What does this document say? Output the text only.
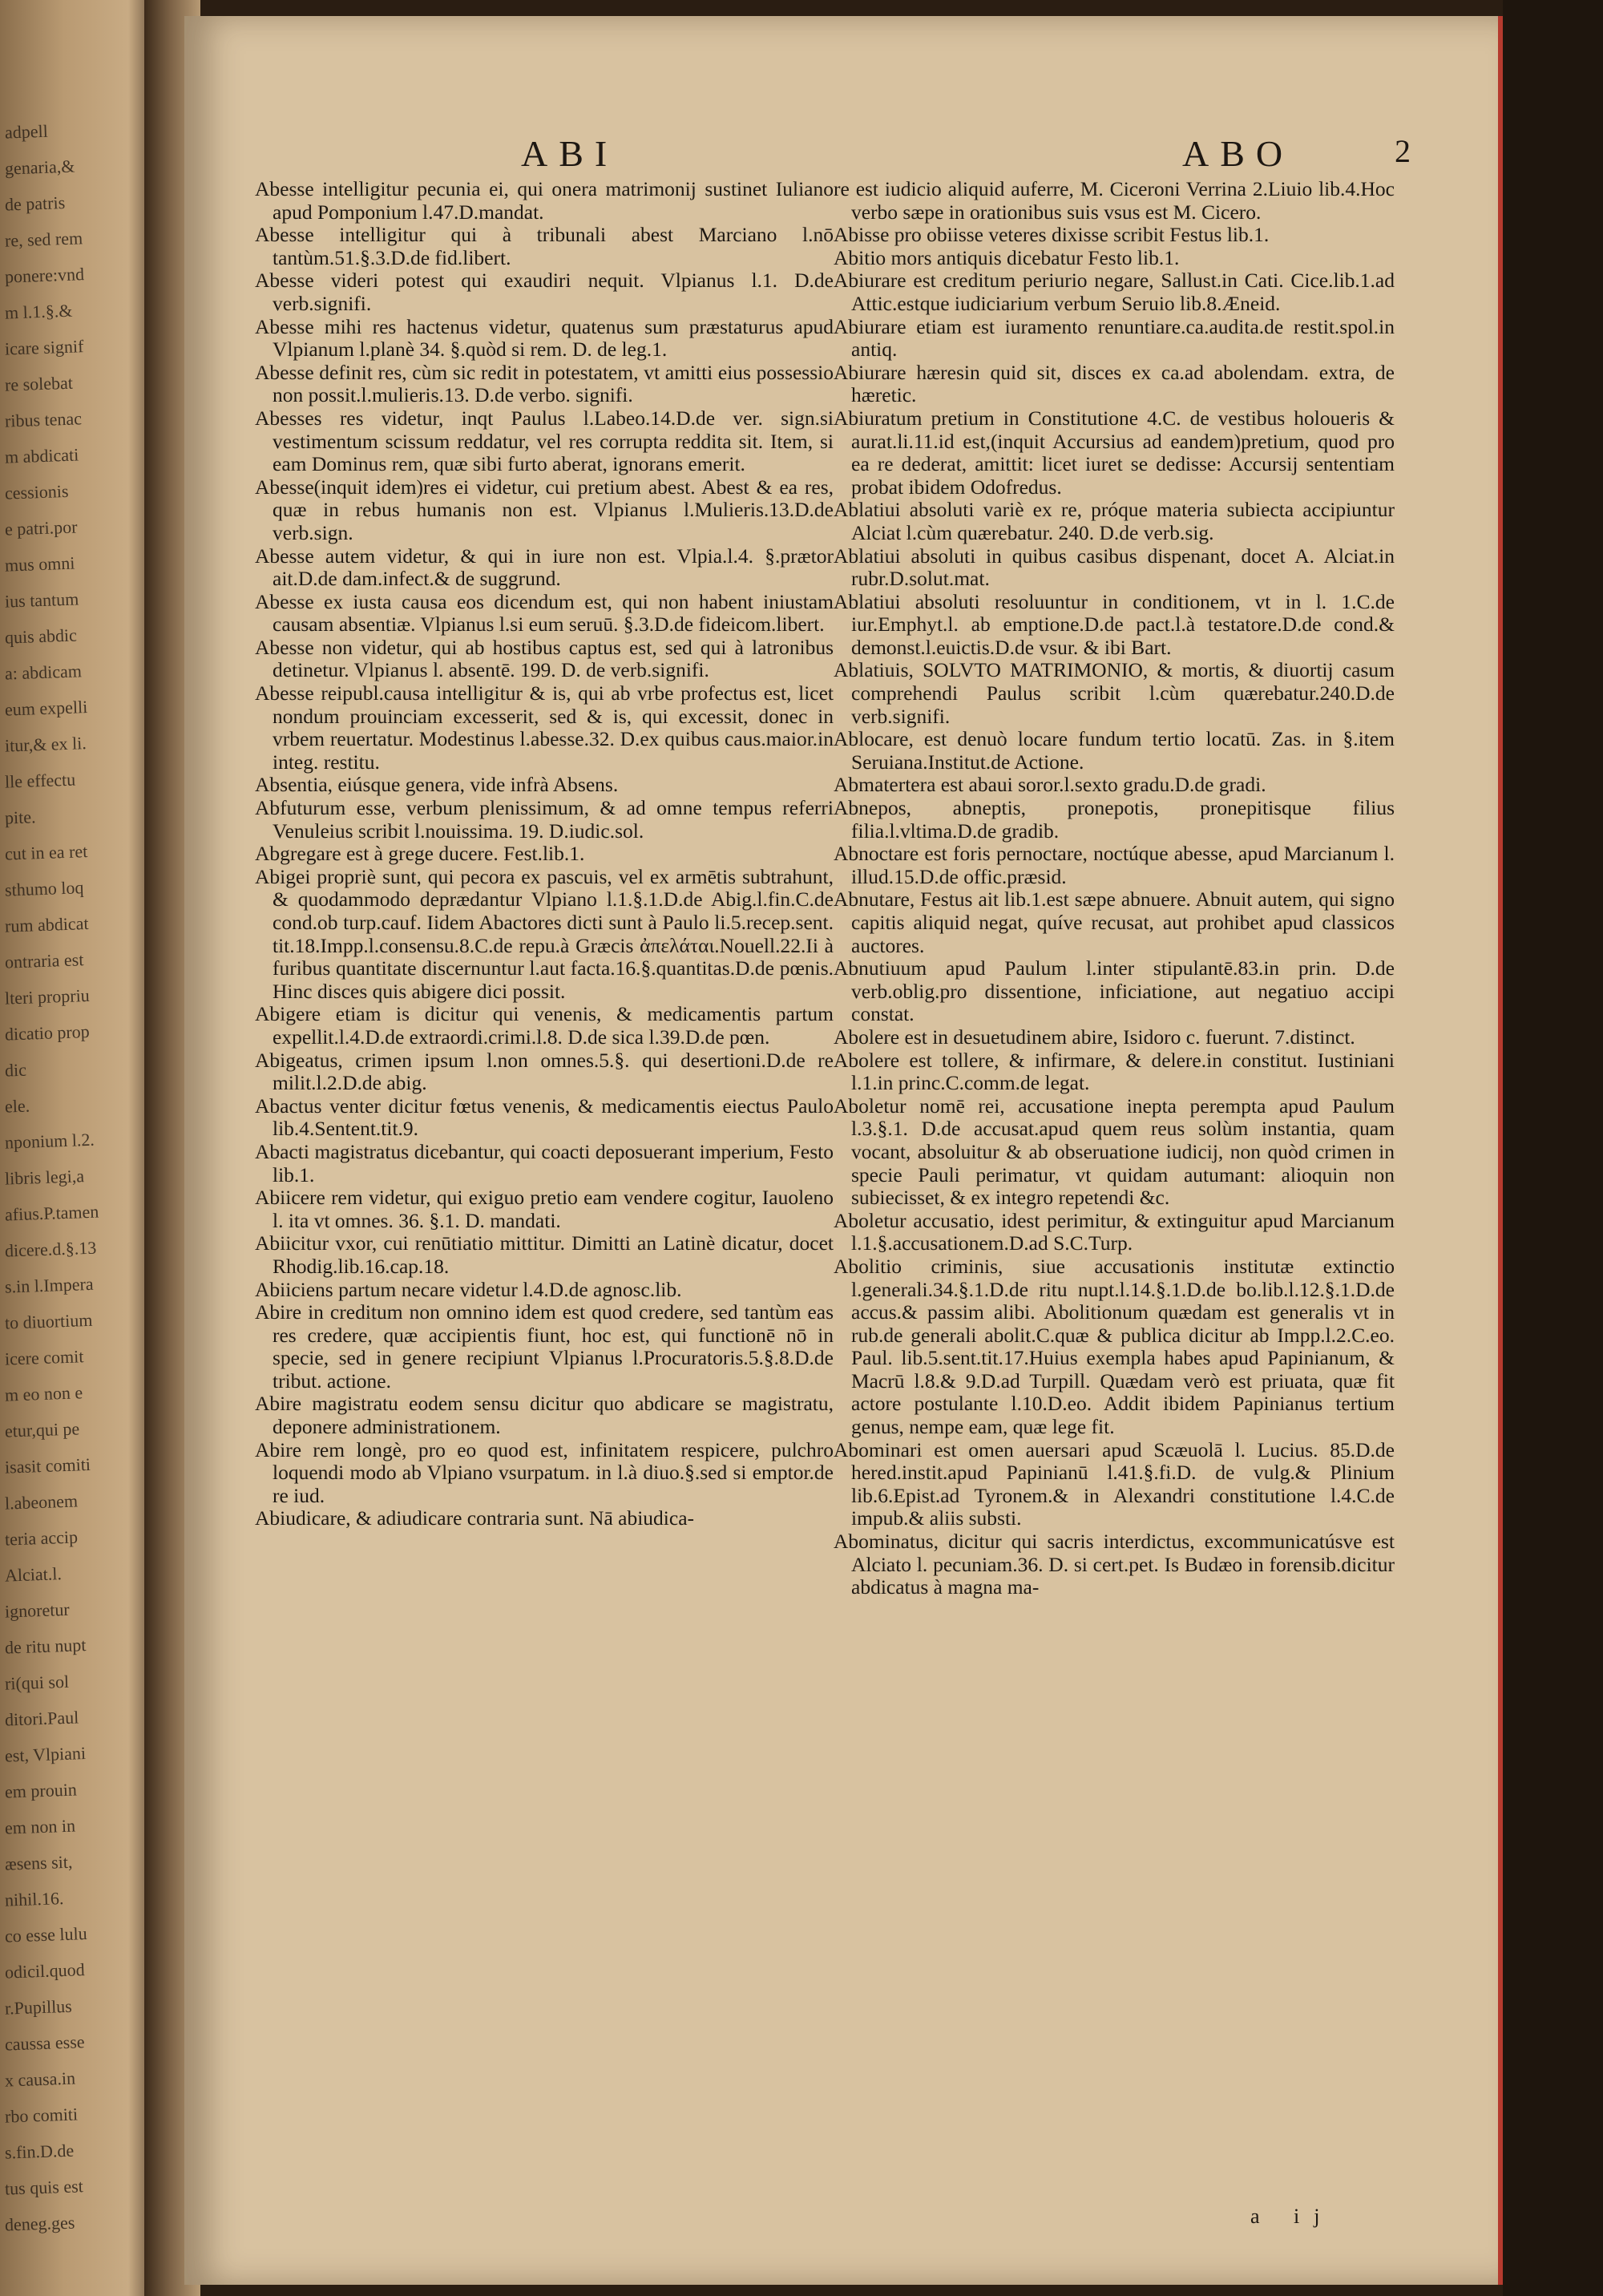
adpell
genaria,&
de patris
re, sed rem
ponere:vnd
m l.1.§.&
icare signif
re solebat
ribus tenac
m abdicati
cessionis
e patri.por
mus omni
ius tantum
quis abdic
a: abdicam
eum expelli
itur,& ex li.
lle effectu
pite.
cut in ea ret
sthumo loq
rum abdicat
ontraria est
lteri propriu
dicatio prop
dic
ele.
nponium l.2.
libris legi,a
afius.P.tamen
dicere.d.§.13
s.in l.Impera
to diuortium
icere comit
m eo non e
etur,qui pe
isasit comiti
l.abeonem
teria accip
Alciat.l.
ignoretur
de ritu nupt
ri(qui sol
ditori.Paul
est, Vlpiani
em prouin
em non in
æsens sit,
nihil.16.
co esse lulu
odicil.quod
r.Pupillus
caussa esse
x causa.in
rbo comiti
s.fin.D.de
tus quis est
deneg.ges
ABI	ABO	2

Abesse intelligitur pecunia ei, qui onera matrimonij sustinet Iuliano apud Pomponium l.47.D.mandat.

Abesse intelligitur qui à tribunali abest Marciano l.nō tantùm.51.§.3.D.de fid.libert.

Abesse videri potest qui exaudiri nequit. Vlpianus l.1. D.de verb.signifi.

Abesse mihi res hactenus videtur, quatenus sum præstaturus apud Vlpianum l.planè 34. §.quòd si rem. D. de leg.1.

Abesse definit res, cùm sic redit in potestatem, vt amitti eius possessio non possit.l.mulieris.13. D.de verbo. signifi.

Abesses res videtur, inqt Paulus l.Labeo.14.D.de ver. sign.si vestimentum scissum reddatur, vel res corrupta reddita sit. Item, si eam Dominus rem, quæ sibi furto aberat, ignorans emerit.

Abesse(inquit idem)res ei videtur, cui pretium abest. Abest & ea res, quæ in rebus humanis non est. Vlpianus l.Mulieris.13.D.de verb.sign.

Abesse autem videtur, & qui in iure non est. Vlpia.l.4. §.prætor ait.D.de dam.infect.& de suggrund.

Abesse ex iusta causa eos dicendum est, qui non habent iniustam causam absentiæ. Vlpianus l.si eum seruū. §.3.D.de fideicom.libert.

Abesse non videtur, qui ab hostibus captus est, sed qui à latronibus detinetur. Vlpianus l. absentē. 199. D. de verb.signifi.

Abesse reipubl.causa intelligitur & is, qui ab vrbe profectus est, licet nondum prouinciam excesserit, sed & is, qui excessit, donec in vrbem reuertatur. Modestinus l.abesse.32. D.ex quibus caus.maior.in integ. restitu.

Absentia, eiúsque genera, vide infrà Absens.

Abfuturum esse, verbum plenissimum, & ad omne tempus referri Venuleius scribit l.nouissima. 19. D.iudic.sol.

Abgregare est à grege ducere. Fest.lib.1.

Abigei propriè sunt, qui pecora ex pascuis, vel ex armētis subtrahunt, & quodammodo deprædantur Vlpiano l.1.§.1.D.de Abig.l.fin.C.de cond.ob turp.cauf. Iidem Abactores dicti sunt à Paulo li.5.recep.sent. tit.18.Impp.l.consensu.8.C.de repu.à Græcis ἀπελάται.Nouell.22.Ii à furibus quantitate discernuntur l.aut facta.16.§.quantitas.D.de pœnis. Hinc disces quis abigere dici possit.

Abigere etiam is dicitur qui venenis, & medicamentis partum expellit.l.4.D.de extraordi.crimi.l.8. D.de sica l.39.D.de pœn.

Abigeatus, crimen ipsum l.non omnes.5.§. qui desertioni.D.de re milit.l.2.D.de abig.

Abactus venter dicitur fœtus venenis, & medicamentis eiectus Paulo lib.4.Sentent.tit.9.

Abacti magistratus dicebantur, qui coacti deposuerant imperium, Festo lib.1.

Abiicere rem videtur, qui exiguo pretio eam vendere cogitur, Iauoleno l. ita vt omnes. 36. §.1. D. mandati.

Abiicitur vxor, cui renūtiatio mittitur. Dimitti an Latinè dicatur, docet Rhodig.lib.16.cap.18.

Abiiciens partum necare videtur l.4.D.de agnosc.lib.

Abire in creditum non omnino idem est quod credere, sed tantùm eas res credere, quæ accipientis fiunt, hoc est, qui functionē nō in specie, sed in genere recipiunt Vlpianus l.Procuratoris.5.§.8.D.de tribut. actione.

Abire magistratu eodem sensu dicitur quo abdicare se magistratu, deponere administrationem.

Abire rem longè, pro eo quod est, infinitatem respicere, pulchro loquendi modo ab Vlpiano vsurpatum. in l.à diuo.§.sed si emptor.de re iud.

Abiudicare, & adiudicare contraria sunt. Nā abiudica-

re est iudicio aliquid auferre, M. Ciceroni Verrina 2.Liuio lib.4.Hoc verbo sæpe in orationibus suis vsus est M. Cicero.

Abisse pro obiisse veteres dixisse scribit Festus lib.1.

Abitio mors antiquis dicebatur Festo lib.1.

Abiurare est creditum periurio negare, Sallust.in Cati. Cice.lib.1.ad Attic.estque iudiciarium verbum Seruio lib.8.Æneid.

Abiurare etiam est iuramento renuntiare.ca.audita.de restit.spol.in antiq.

Abiurare hæresin quid sit, disces ex ca.ad abolendam. extra, de hæretic.

Abiuratum pretium in Constitutione 4.C. de vestibus holoueris & aurat.li.11.id est,(inquit Accursius ad eandem)pretium, quod pro ea re dederat, amittit: licet iuret se dedisse: Accursij sententiam probat ibidem Odofredus.

Ablatiui absoluti variè ex re, próque materia subiecta accipiuntur Alciat l.cùm quærebatur. 240. D.de verb.sig.

Ablatiui absoluti in quibus casibus dispenant, docet A. Alciat.in rubr.D.solut.mat.

Ablatiui absoluti resoluuntur in conditionem, vt in l. 1.C.de iur.Emphyt.l. ab emptione.D.de pact.l.à testatore.D.de cond.& demonst.l.euictis.D.de vsur. & ibi Bart.

Ablatiuis, SOLVTO MATRIMONIO, & mortis, & diuortij casum comprehendi Paulus scribit l.cùm quærebatur.240.D.de verb.signifi.

Ablocare, est denuò locare fundum tertio locatū. Zas. in §.item Seruiana.Institut.de Actione.

Abmatertera est abaui soror.l.sexto gradu.D.de gradi.

Abnepos, abneptis, pronepotis, pronepitisque filius filia.l.vltima.D.de gradib.

Abnoctare est foris pernoctare, noctúque abesse, apud Marcianum l. illud.15.D.de offic.præsid.

Abnutare, Festus ait lib.1.est sæpe abnuere. Abnuit autem, qui signo capitis aliquid negat, quíve recusat, aut prohibet apud classicos auctores.

Abnutiuum apud Paulum l.inter stipulantē.83.in prin. D.de verb.oblig.pro dissentione, inficiatione, aut negatiuo accipi constat.

Abolere est in desuetudinem abire, Isidoro c. fuerunt. 7.distinct.

Abolere est tollere, & infirmare, & delere.in constitut. Iustiniani l.1.in princ.C.comm.de legat.

Aboletur nomē rei, accusatione inepta perempta apud Paulum l.3.§.1. D.de accusat.apud quem reus solùm instantia, quam vocant, absoluitur & ab obseruatione iudicij, non quòd crimen in specie Pauli perimatur, vt quidam autumant: alioquin non subiecisset, & ex integro repetendi &c.

Aboletur accusatio, idest perimitur, & extinguitur apud Marcianum l.1.§.accusationem.D.ad S.C.Turp.

Abolitio criminis, siue accusationis institutæ extinctio l.generali.34.§.1.D.de ritu nupt.l.14.§.1.D.de bo.lib.l.12.§.1.D.de accus.& passim alibi. Abolitionum quædam est generalis vt in rub.de generali abolit.C.quæ & publica dicitur ab Impp.l.2.C.eo. Paul. lib.5.sent.tit.17.Huius exempla habes apud Papinianum, & Macrū l.8.& 9.D.ad Turpill. Quædam verò est priuata, quæ fit actore postulante l.10.D.eo. Addit ibidem Papinianus tertium genus, nempe eam, quæ lege fit.

Abominari est omen auersari apud Scæuolā l. Lucius. 85.D.de hered.instit.apud Papinianū l.41.§.fi.D. de vulg.& Plinium lib.6.Epist.ad Tyronem.& in Alexandri constitutione l.4.C.de impub.& aliis substi.

Abominatus, dicitur qui sacris interdictus, excommunicatúsve est Alciato l. pecuniam.36. D. si cert.pet. Is Budæo in forensib.dicitur abdicatus à magna ma-

a ij
